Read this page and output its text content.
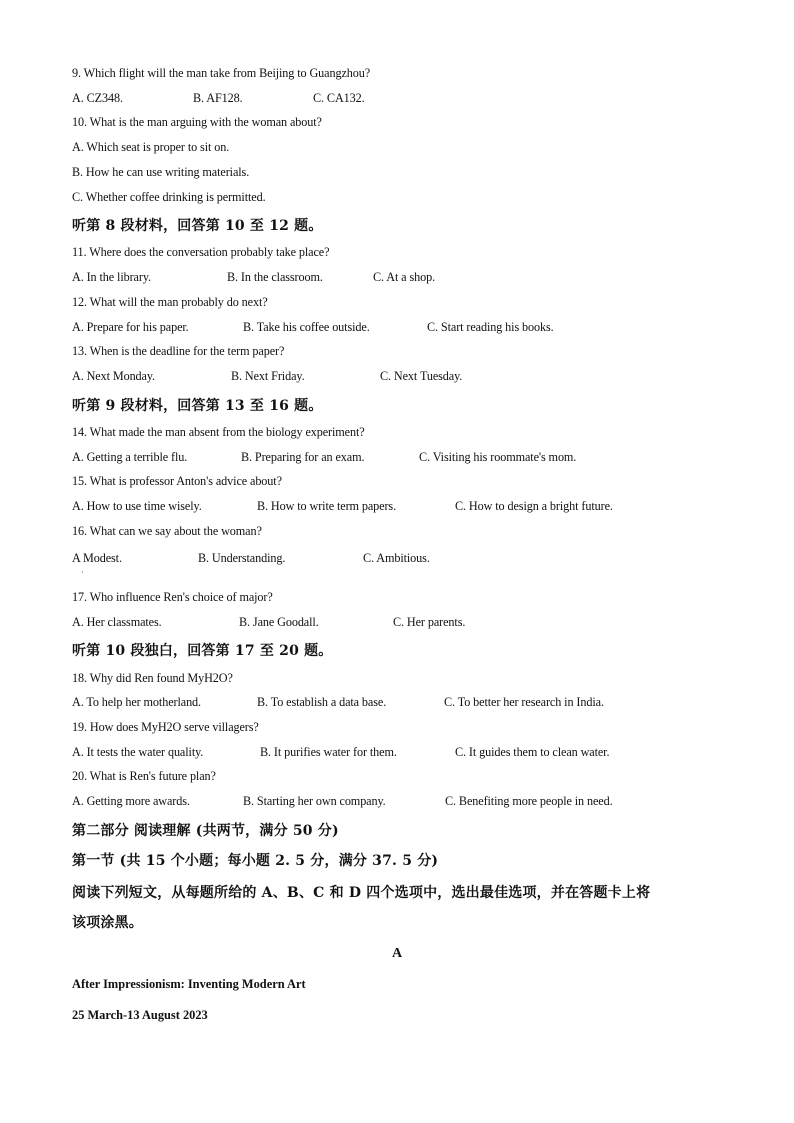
9. Which flight will the man take from Beijing to Guangzhou?
A. CZ348.	B. AF128.	C. CA132.
10. What is the man arguing with the woman about?
A. Which seat is proper to sit on.
B. How he can use writing materials.
C. Whether coffee drinking is permitted.
听第 8 段材料，回答第 10 至 12 题。
11. Where does the conversation probably take place?
A. In the library.	B. In the classroom.	C. At a shop.
12. What will the man probably do next?
A. Prepare for his paper.	B. Take his coffee outside.	C. Start reading his books.
13. When is the deadline for the term paper?
A. Next Monday.	B. Next Friday.	C. Next Tuesday.
听第 9 段材料，回答第 13 至 16 题。
14. What made the man absent from the biology experiment?
A. Getting a terrible flu.	B. Preparing for an exam.	C. Visiting his roommate's mom.
15. What is professor Anton's advice about?
A. How to use time wisely.	B. How to write term papers.	C. How to design a bright future.
16. What can we say about the woman?
A Modest.	B. Understanding.	C. Ambitious.
·
17. Who influence Ren's choice of major?
A. Her classmates.	B. Jane Goodall.	C. Her parents.
听第 10 段独白，回答第 17 至 20 题。
18. Why did Ren found MyH2O?
A. To help her motherland.	B. To establish a data base.	C. To better her research in India.
19. How does MyH2O serve villagers?
A. It tests the water quality.	B. It purifies water for them.	C. It guides them to clean water.
20. What is Ren's future plan?
A. Getting more awards.	B. Starting her own company.	C. Benefiting more people in need.
第二部分 阅读理解 (共两节，满分 50 分)
第一节 (共 15 个小题；每小题 2. 5 分，满分 37. 5 分)
阅读下列短文，从每题所给的 A、B、C 和 D 四个选项中，选出最佳选项，并在答题卡上将
该项涂黑。
A
After Impressionism: Inventing Modern Art
25 March-13 August 2023
